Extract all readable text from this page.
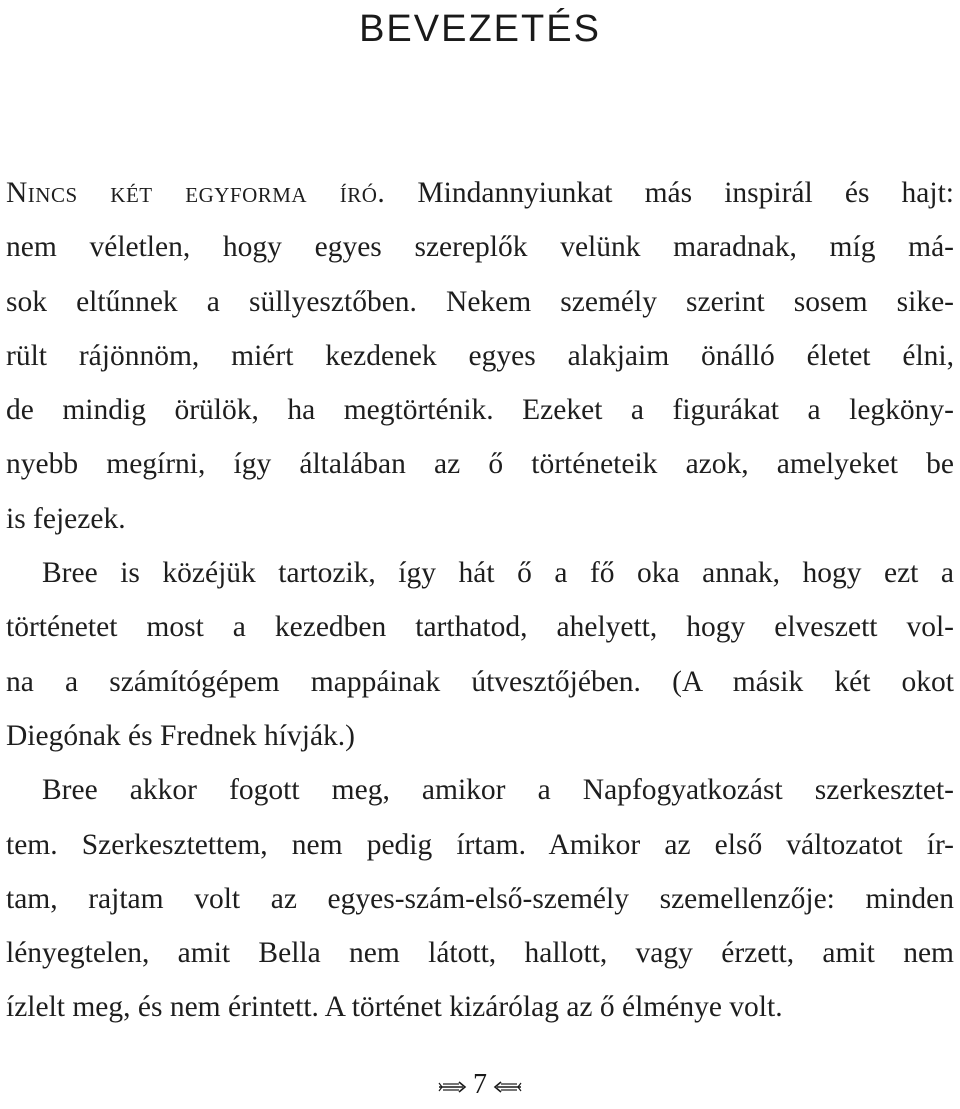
BEVEZETÉS
Nincs két egyforma író. Mindannyiunkat más inspirál és hajt:
nem véletlen, hogy egyes szereplők velünk maradnak, míg má-
sok eltűnnek a süllyesztőben. Nekem személy szerint sosem sike-
rült rájönnöm, miért kezdenek egyes alakjaim önálló életet élni,
de mindig örülök, ha megtörténik. Ezeket a figurákat a legköny-
nyebb megírni, így általában az ő történeteik azok, amelyeket be
is fejezek.
Bree is közéjük tartozik, így hát ő a fő oka annak, hogy ezt a
történetet most a kezedben tarthatod, ahelyett, hogy elveszett vol-
na a számítógépem mappáinak útvesztőjében. (A másik két okot
Diegónak és Frednek hívják.)
Bree akkor fogott meg, amikor a Napfogyatkozást szerkesztet-
tem. Szerkesztettem, nem pedig írtam. Amikor az első változatot ír-
tam, rajtam volt az egyes-szám-első-személy szemellenzője: minden
lényegtelen, amit Bella nem látott, hallott, vagy érzett, amit nem
ízlelt meg, és nem érintett. A történet kizárólag az ő élménye volt.
7
